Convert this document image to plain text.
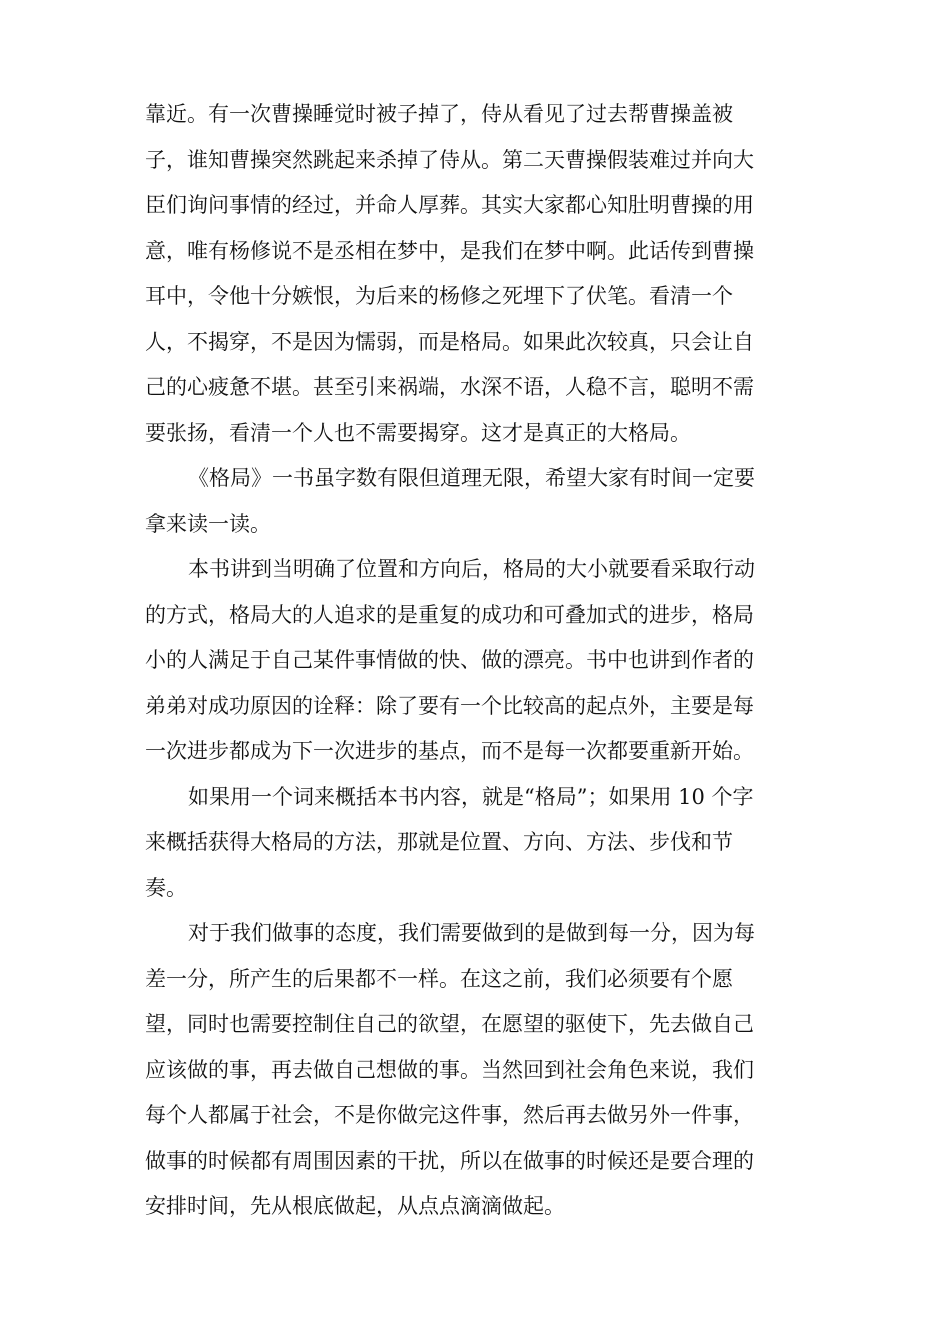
靠近。有一次曹操睡觉时被子掉了，侍从看见了过去帮曹操盖被
子，谁知曹操突然跳起来杀掉了侍从。第二天曹操假装难过并向大
臣们询问事情的经过，并命人厚葬。其实大家都心知肚明曹操的用
意，唯有杨修说不是丞相在梦中，是我们在梦中啊。此话传到曹操
耳中，令他十分嫉恨，为后来的杨修之死埋下了伏笔。看清一个
人，不揭穿，不是因为懦弱，而是格局。如果此次较真，只会让自
己的心疲惫不堪。甚至引来祸端，水深不语，人稳不言，聪明不需
要张扬，看清一个人也不需要揭穿。这才是真正的大格局。
《格局》一书虽字数有限但道理无限，希望大家有时间一定要
拿来读一读。
本书讲到当明确了位置和方向后，格局的大小就要看采取行动
的方式，格局大的人追求的是重复的成功和可叠加式的进步，格局
小的人满足于自己某件事情做的快、做的漂亮。书中也讲到作者的
弟弟对成功原因的诠释：除了要有一个比较高的起点外，主要是每
一次进步都成为下一次进步的基点，而不是每一次都要重新开始。
如果用一个词来概括本书内容，就是“格局”；如果用 10 个字
来概括获得大格局的方法，那就是位置、方向、方法、步伐和节
奏。
对于我们做事的态度，我们需要做到的是做到每一分，因为每
差一分，所产生的后果都不一样。在这之前，我们必须要有个愿
望，同时也需要控制住自己的欲望，在愿望的驱使下，先去做自己
应该做的事，再去做自己想做的事。当然回到社会角色来说，我们
每个人都属于社会，不是你做完这件事，然后再去做另外一件事，
做事的时候都有周围因素的干扰，所以在做事的时候还是要合理的
安排时间，先从根底做起，从点点滴滴做起。
